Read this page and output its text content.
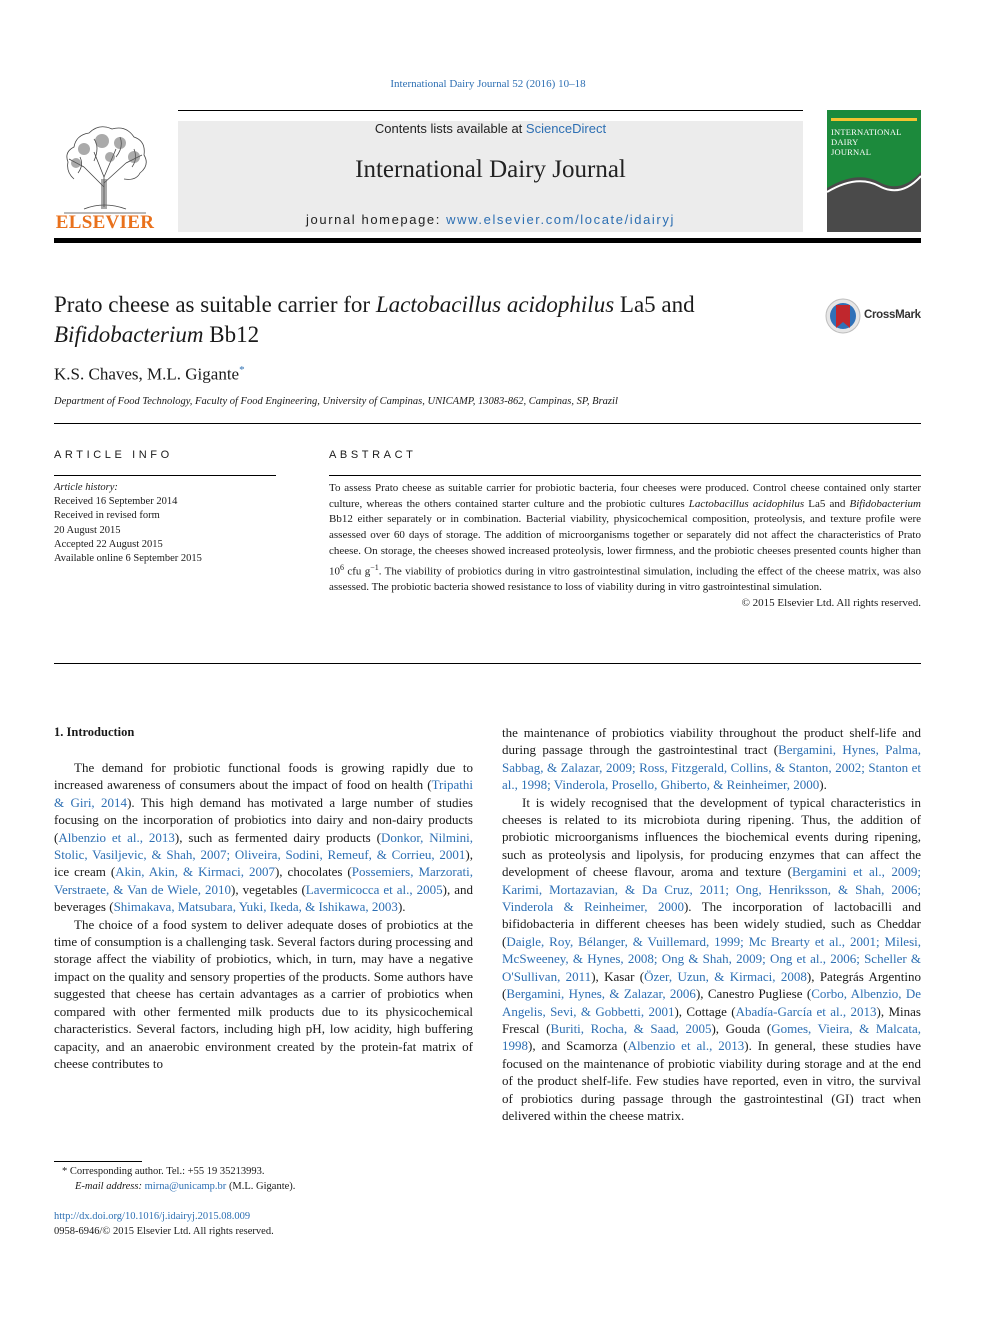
International Dairy Journal 52 (2016) 10–18
ELSEVIER
Contents lists available at ScienceDirect
International Dairy Journal
journal homepage: www.elsevier.com/locate/idairyj
INTERNATIONAL
DAIRY
JOURNAL
Prato cheese as suitable carrier for Lactobacillus acidophilus La5 and
Bifidobacterium Bb12
CrossMark
K.S. Chaves, M.L. Gigante*
Department of Food Technology, Faculty of Food Engineering, University of Campinas, UNICAMP, 13083-862, Campinas, SP, Brazil
ARTICLE INFO
Article history:
Received 16 September 2014
Received in revised form
20 August 2015
Accepted 22 August 2015
Available online 6 September 2015
ABSTRACT
To assess Prato cheese as suitable carrier for probiotic bacteria, four cheeses were produced. Control cheese contained only starter culture, whereas the others contained starter culture and the probiotic cultures Lactobacillus acidophilus La5 and Bifidobacterium Bb12 either separately or in combination. Bacterial viability, physicochemical composition, proteolysis, and texture profile were assessed over 60 days of storage. The addition of microorganisms together or separately did not affect the characteristics of Prato cheese. On storage, the cheeses showed increased proteolysis, lower firmness, and the probiotic cheeses presented counts higher than $10^6$ cfu $g^{-1}$. The viability of probiotics during in vitro gastrointestinal simulation, including the effect of the cheese matrix, was also assessed. The probiotic bacteria showed resistance to loss of viability during in vitro gastrointestinal simulation.
© 2015 Elsevier Ltd. All rights reserved.
1. Introduction

The demand for probiotic functional foods is growing rapidly due to increased awareness of consumers about the impact of food on health (Tripathi & Giri, 2014). This high demand has motivated a large number of studies focusing on the incorporation of probiotics into dairy and non-dairy products (Albenzio et al., 2013), such as fermented dairy products (Donkor, Nilmini, Stolic, Vasiljevic, & Shah, 2007; Oliveira, Sodini, Remeuf, & Corrieu, 2001), ice cream (Akin, Akin, & Kirmaci, 2007), chocolates (Possemiers, Marzorati, Verstraete, & Van de Wiele, 2010), vegetables (Lavermicocca et al., 2005), and beverages (Shimakava, Matsubara, Yuki, Ikeda, & Ishikawa, 2003).

The choice of a food system to deliver adequate doses of probiotics at the time of consumption is a challenging task. Several factors during processing and storage affect the viability of probiotics, which, in turn, may have a negative impact on the quality and sensory properties of the products. Some authors have suggested that cheese has certain advantages as a carrier of probiotics when compared with other fermented milk products due to its physicochemical characteristics. Several factors, including high pH, low acidity, high buffering capacity, and an anaerobic environment created by the protein-fat matrix of cheese contributes to

the maintenance of probiotics viability throughout the product shelf-life and during passage through the gastrointestinal tract (Bergamini, Hynes, Palma, Sabbag, & Zalazar, 2009; Ross, Fitzgerald, Collins, & Stanton, 2002; Stanton et al., 1998; Vinderola, Prosello, Ghiberto, & Reinheimer, 2000).

It is widely recognised that the development of typical characteristics in cheeses is related to its microbiota during ripening. Thus, the addition of probiotic microorganisms influences the biochemical events during ripening, such as proteolysis and lipolysis, for producing enzymes that can affect the development of cheese flavour, aroma and texture (Bergamini et al., 2009; Karimi, Mortazavian, & Da Cruz, 2011; Ong, Henriksson, & Shah, 2006; Vinderola & Reinheimer, 2000). The incorporation of lactobacilli and bifidobacteria in different cheeses has been widely studied, such as Cheddar (Daigle, Roy, Bélanger, & Vuillemard, 1999; Mc Brearty et al., 2001; Milesi, McSweeney, & Hynes, 2008; Ong & Shah, 2009; Ong et al., 2006; Scheller & O'Sullivan, 2011), Kasar (Özer, Uzun, & Kirmaci, 2008), Pategrás Argentino (Bergamini, Hynes, & Zalazar, 2006), Canestro Pugliese (Corbo, Albenzio, De Angelis, Sevi, & Gobbetti, 2001), Cottage (Abadía-García et al., 2013), Minas Frescal (Buriti, Rocha, & Saad, 2005), Gouda (Gomes, Vieira, & Malcata, 1998), and Scamorza (Albenzio et al., 2013). In general, these studies have focused on the maintenance of probiotic viability during storage and at the end of the product shelf-life. Few studies have reported, even in vitro, the survival of probiotics during passage through the gastrointestinal (GI) tract when delivered within the cheese matrix.

* Corresponding author. Tel.: +55 19 35213993.
E-mail address: mirna@unicamp.br (M.L. Gigante).
http://dx.doi.org/10.1016/j.idairyj.2015.08.009
0958-6946/© 2015 Elsevier Ltd. All rights reserved.
